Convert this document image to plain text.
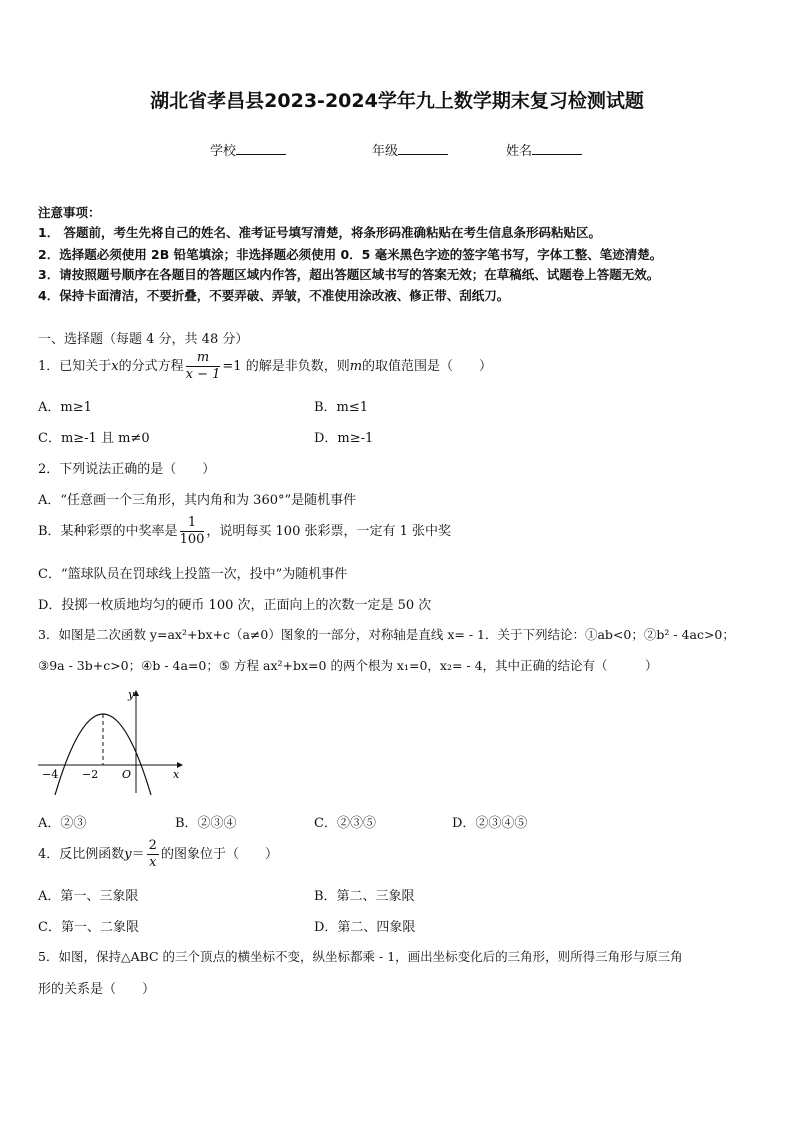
湖北省孝昌县2023-2024学年九上数学期末复习检测试题
学校	年级	姓名
注意事项：
1． 答题前，考生先将自己的姓名、准考证号填写清楚，将条形码准确粘贴在考生信息条形码粘贴区。
2．选择题必须使用 2B 铅笔填涂；非选择题必须使用 0．5 毫米黑色字迹的签字笔书写，字体工整、笔迹清楚。
3．请按照题号顺序在各题目的答题区域内作答，超出答题区域书写的答案无效；在草稿纸、试题卷上答题无效。
4．保持卡面清洁，不要折叠，不要弄破、弄皱，不准使用涂改液、修正带、刮纸刀。
一、选择题（每题 4 分，共 48 分）
1．已知关于x的分式方程 $\frac{m}{x - 1} =1$ 的解是非负数，则m的取值范围是（　　）
A．m≥1	B．m≤1
C．m≥-1 且 m≠0	D．m≥-1
2．下列说法正确的是（　　）
A．“任意画一个三角形，其内角和为 360°”是随机事件
B．某种彩票的中奖率是 $\frac{1}{100}$ ，说明每买 100 张彩票，一定有 1 张中奖
C．“篮球队员在罚球线上投篮一次，投中”为随机事件
D．投掷一枚质地均匀的硬币 100 次，正面向上的次数一定是 50 次
3．如图是二次函数 y=ax²+bx+c（a≠0）图象的一部分，对称轴是直线 x= - 1．关于下列结论：①ab<0；②b² - 4ac>0；
③9a - 3b+c>0；④b - 4a=0；⑤ 方程 ax²+bx=0 的两个根为 x₁=0，x₂= - 4，其中正确的结论有（　　　）
y
x
−4 −2 O
A．②③	B．②③④	C．②③⑤	D．②③④⑤
4．反比例函数$y= \frac{2}{x}$ 的图象位于（　　）
A．第一、三象限	B．第二、三象限
C．第一、二象限	D．第二、四象限
5．如图，保持△ABC 的三个顶点的横坐标不变，纵坐标都乘 - 1，画出坐标变化后的三角形，则所得三角形与原三角
形的关系是（　　）
